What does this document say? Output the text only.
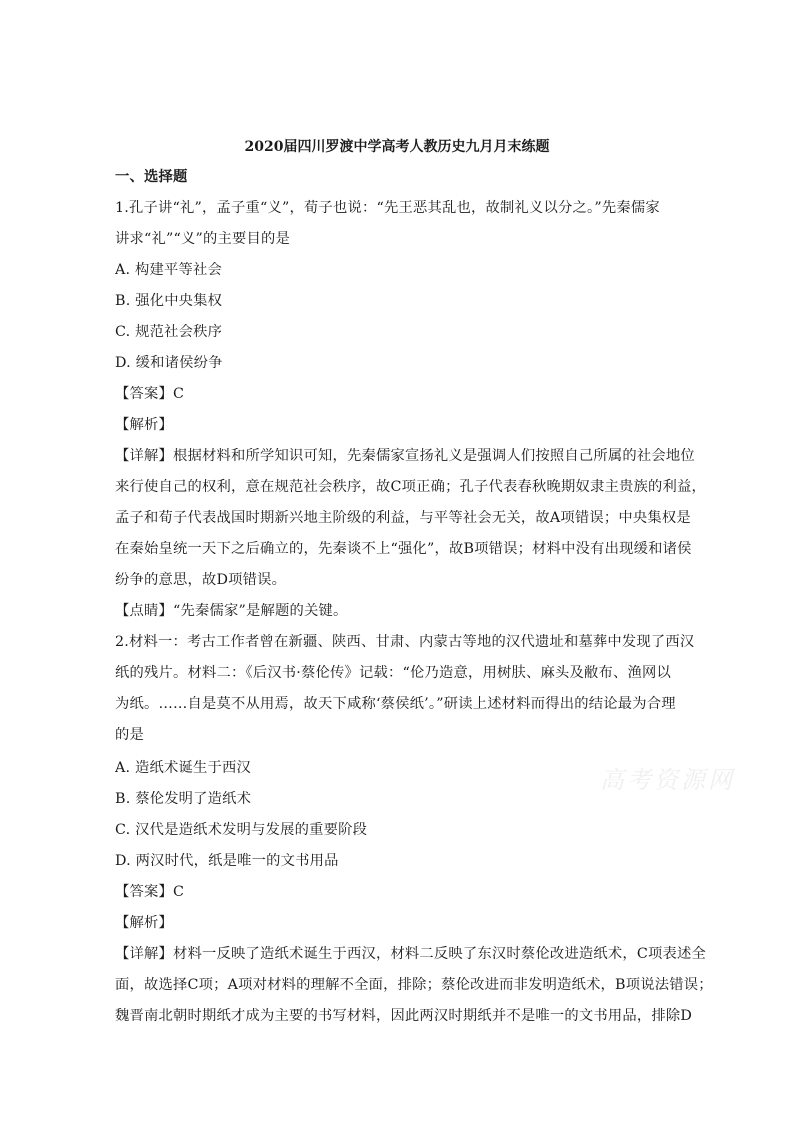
高考资源网
2020届四川罗渡中学高考人教历史九月月末练题
一、选择题
1.孔子讲“礼”，孟子重“义”，荀子也说：“先王恶其乱也，故制礼义以分之。”先秦儒家
讲求“礼”“义”的主要目的是
A. 构建平等社会
B. 强化中央集权
C. 规范社会秩序
D. 缓和诸侯纷争
【答案】C
【解析】
【详解】根据材料和所学知识可知，先秦儒家宣扬礼义是强调人们按照自己所属的社会地位
来行使自己的权利，意在规范社会秩序，故C项正确；孔子代表春秋晚期奴隶主贵族的利益，
孟子和荀子代表战国时期新兴地主阶级的利益，与平等社会无关，故A项错误；中央集权是
在秦始皇统一天下之后确立的，先秦谈不上“强化”，故B项错误；材料中没有出现缓和诸侯
纷争的意思，故D项错误。
【点睛】“先秦儒家”是解题的关键。
2.材料一：考古工作者曾在新疆、陕西、甘肃、内蒙古等地的汉代遗址和墓葬中发现了西汉
纸的残片。材料二：《后汉书·蔡伦传》记载：“伦乃造意，用树肤、麻头及敝布、渔网以
为纸。……自是莫不从用焉，故天下咸称‘蔡侯纸’。”研读上述材料而得出的结论最为合理
的是
A. 造纸术诞生于西汉
B. 蔡伦发明了造纸术
C. 汉代是造纸术发明与发展的重要阶段
D. 两汉时代，纸是唯一的文书用品
【答案】C
【解析】
【详解】材料一反映了造纸术诞生于西汉，材料二反映了东汉时蔡伦改进造纸术，C项表述全
面，故选择C项；A项对材料的理解不全面，排除；蔡伦改进而非发明造纸术，B项说法错误；
魏晋南北朝时期纸才成为主要的书写材料，因此两汉时期纸并不是唯一的文书用品，排除D
